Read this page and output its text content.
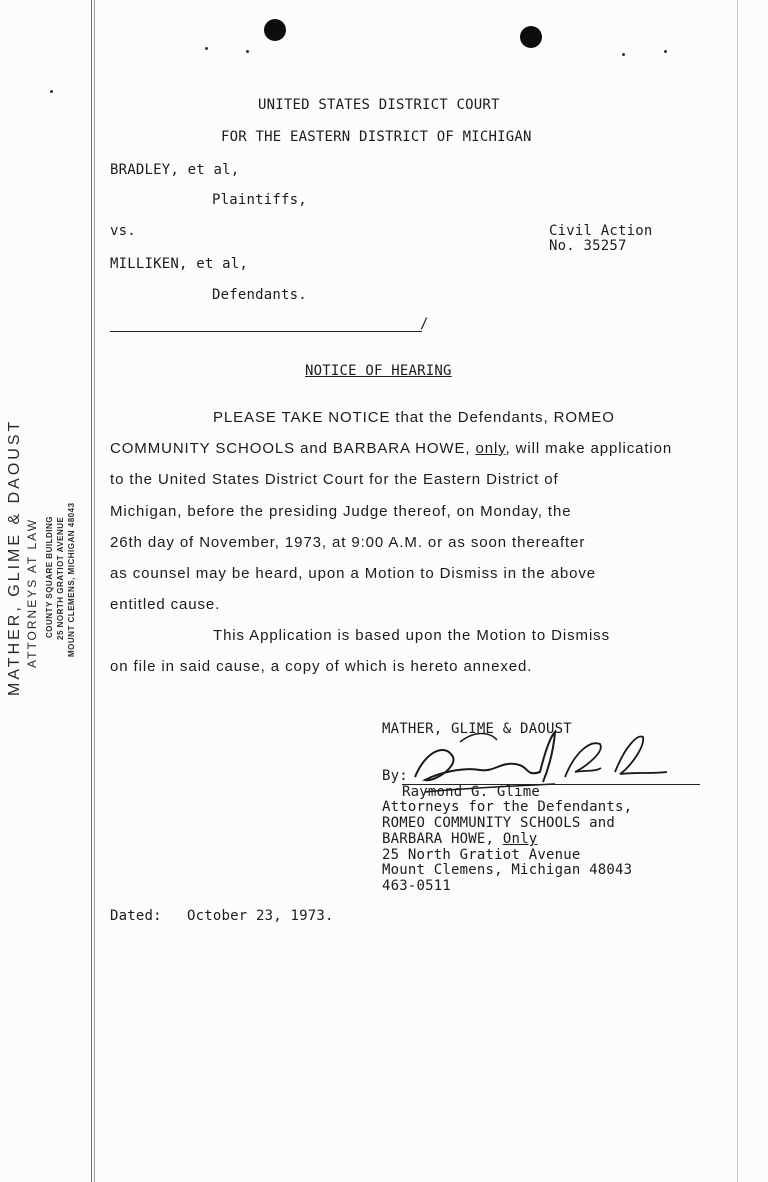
MATHER, GLIME & DAOUST ATTORNEYS AT LAW COUNTY SQUARE BUILDING 25 NORTH GRATIOT AVENUE MOUNT CLEMENS, MICHIGAN 48043
UNITED STATES DISTRICT COURT
FOR THE EASTERN DISTRICT OF MICHIGAN
BRADLEY, et al,
Plaintiffs,
vs.	Civil Action
No. 35257
MILLIKEN, et al,
Defendants.
/
NOTICE OF HEARING
PLEASE TAKE NOTICE that the Defendants, ROMEO
COMMUNITY SCHOOLS and BARBARA HOWE, only, will make application
to the United States District Court for the Eastern District of
Michigan, before the presiding Judge thereof, on Monday, the
26th day of November, 1973, at 9:00 A.M. or as soon thereafter
as counsel may be heard, upon a Motion to Dismiss in the above
entitled cause.
This Application is based upon the Motion to Dismiss
on file in said cause, a copy of which is hereto annexed.
MATHER, GLIME & DAOUST
By:
Raymond G. Glime
Attorneys for the Defendants,
ROMEO COMMUNITY SCHOOLS and
BARBARA HOWE, Only
25 North Gratiot Avenue
Mount Clemens, Michigan 48043
463-0511
Dated: October 23, 1973.
